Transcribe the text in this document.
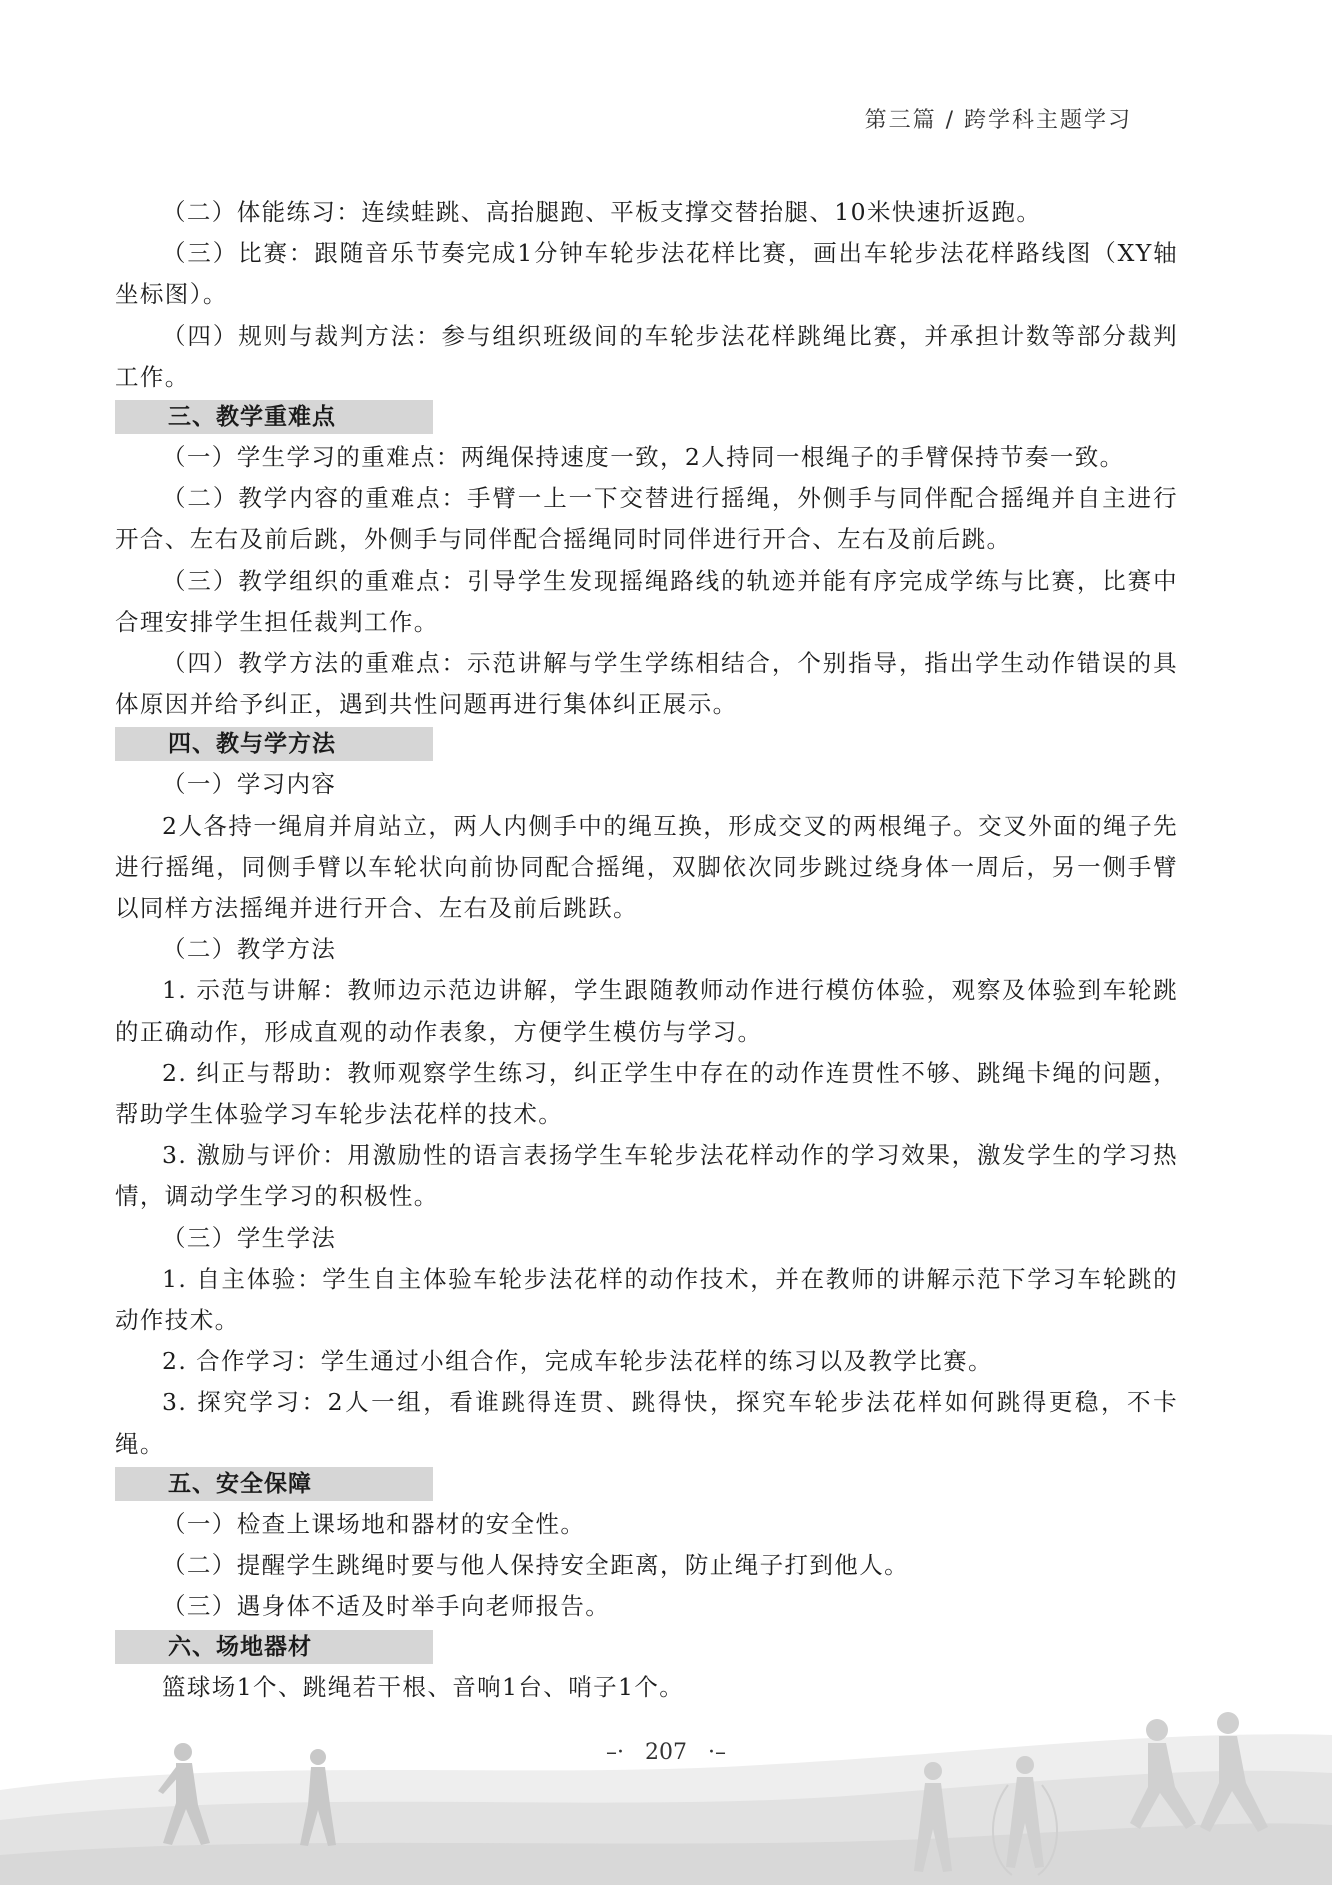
第三篇 / 跨学科主题学习

（二）体能练习：连续蛙跳、高抬腿跑、平板支撑交替抬腿、10米快速折返跑。

（三）比赛：跟随音乐节奏完成1分钟车轮步法花样比赛，画出车轮步法花样路线图（XY轴坐标图）。

（四）规则与裁判方法：参与组织班级间的车轮步法花样跳绳比赛，并承担计数等部分裁判工作。

三、教学重难点

（一）学生学习的重难点：两绳保持速度一致，2人持同一根绳子的手臂保持节奏一致。

（二）教学内容的重难点：手臂一上一下交替进行摇绳，外侧手与同伴配合摇绳并自主进行开合、左右及前后跳，外侧手与同伴配合摇绳同时同伴进行开合、左右及前后跳。

（三）教学组织的重难点：引导学生发现摇绳路线的轨迹并能有序完成学练与比赛，比赛中合理安排学生担任裁判工作。

（四）教学方法的重难点：示范讲解与学生学练相结合，个别指导，指出学生动作错误的具体原因并给予纠正，遇到共性问题再进行集体纠正展示。

四、教与学方法

（一）学习内容

2人各持一绳肩并肩站立，两人内侧手中的绳互换，形成交叉的两根绳子。交叉外面的绳子先进行摇绳，同侧手臂以车轮状向前协同配合摇绳，双脚依次同步跳过绕身体一周后，另一侧手臂以同样方法摇绳并进行开合、左右及前后跳跃。

（二）教学方法

1. 示范与讲解：教师边示范边讲解，学生跟随教师动作进行模仿体验，观察及体验到车轮跳的正确动作，形成直观的动作表象，方便学生模仿与学习。

2. 纠正与帮助：教师观察学生练习，纠正学生中存在的动作连贯性不够、跳绳卡绳的问题，帮助学生体验学习车轮步法花样的技术。

3. 激励与评价：用激励性的语言表扬学生车轮步法花样动作的学习效果，激发学生的学习热情，调动学生学习的积极性。

（三）学生学法

1. 自主体验：学生自主体验车轮步法花样的动作技术，并在教师的讲解示范下学习车轮跳的动作技术。

2. 合作学习：学生通过小组合作，完成车轮步法花样的练习以及教学比赛。

3. 探究学习：2人一组，看谁跳得连贯、跳得快，探究车轮步法花样如何跳得更稳，不卡绳。

五、安全保障

（一）检查上课场地和器材的安全性。

（二）提醒学生跳绳时要与他人保持安全距离，防止绳子打到他人。

（三）遇身体不适及时举手向老师报告。

六、场地器材

篮球场1个、跳绳若干根、音响1台、哨子1个。

–· 207 ·–
